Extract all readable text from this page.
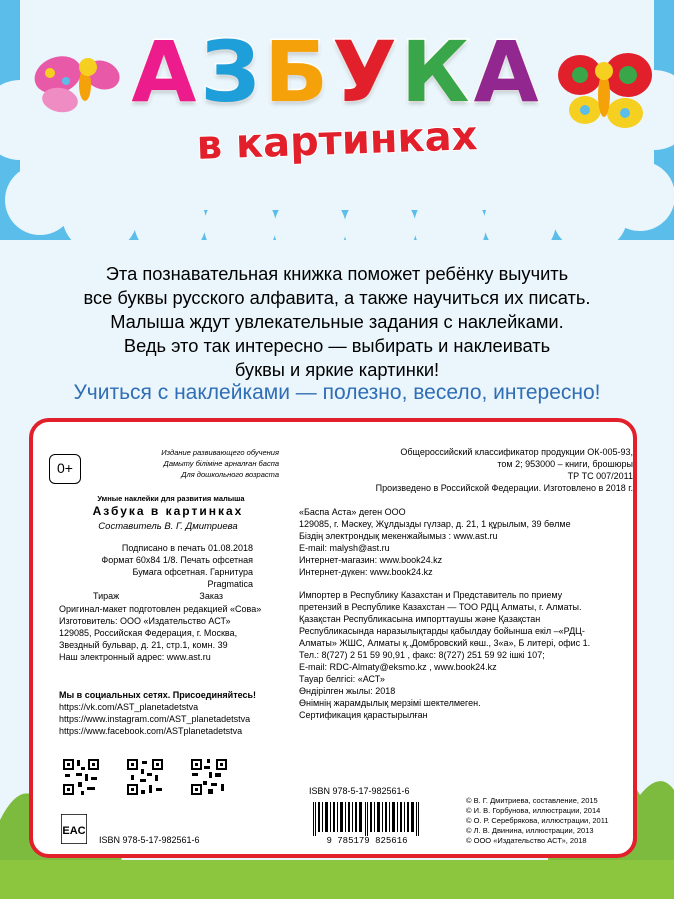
АЗБУКА
в картинках
Эта познавательная книжка поможет ребёнку выучить
все буквы русского алфавита, а также научиться их писать.
Малыша ждут увлекательные задания с наклейками.
Ведь это так интересно — выбирать и наклеивать
буквы и яркие картинки!
Учиться с наклейками — полезно, весело, интересно!
0+
Издание развивающего обучения
Дамыту біліміне арналған баспа
Для дошкольного возраста
Умные наклейки для развития малыша
Азбука в картинках
Составитель В. Г. Дмитриева
Подписано в печать 01.08.2018
Формат 60x84 1/8. Печать офсетная
Бумага офсетная. Гарнитура Pragmatica
Тираж	Заказ
Оригинал-макет подготовлен редакцией «Сова»
Изготовитель: ООО «Издательство АСТ»
129085, Российская Федерация, г. Москва,
Звездный бульвар, д. 21, стр.1, комн. 39
Наш электронный адрес: www.ast.ru
Мы в социальных сетях. Присоединяйтесь!
https://vk.com/AST_planetadetstva
https://www.instagram.com/AST_planetadetstva
https://www.facebook.com/ASTplanetadetstva
EAC
ISBN 978-5-17-982561-6
Общероссийский классификатор продукции ОК-005-93,
том 2; 953000 – книги, брошюры
ТР ТС 007/2011
Произведено в Российской Федерации. Изготовлено в 2018 г.
«Баспа Аста» деген ООО
129085, г. Мәскеу, Жұлдызды гүлзар, д. 21, 1 құрылым, 39 бөлме
Біздің электрондық мекенжайымыз : www.ast.ru
E-mail: malysh@ast.ru
Интернет-магазин: www.book24.kz
Интернет-дүкен: www.book24.kz
Импортер в Республику Казахстан и Представитель по приему
претензий в Республике Казахстан — ТОО РДЦ Алматы, г. Алматы.
Қазақстан Республикасына импорттаушы және Қазақстан
Республикасында наразылықтарды қабылдау бойынша екіл –«РДЦ-
Алматы» ЖШС, Алматы қ.,Домбровский көш., 3«а», Б литері, офис 1.
Тел.: 8(727) 2 51 59 90,91 , факс: 8(727) 251 59 92 ішкі 107;
E-mail: RDC-Almaty@eksmo.kz , www.book24.kz
Тауар белгісі: «АСТ»
Өндірілген жылы: 2018
Өнімнің жарамдылық мерзімі шектелмеген.
Сертификация қарастырылған
ISBN 978-5-17-982561-6
9 785179 825616
© В. Г. Дмитриева, составление, 2015
© И. В. Горбунова, иллюстрации, 2014
© О. Р. Серебрякова, иллюстрации, 2011
© Л. В. Двинина, иллюстрации, 2013
© ООО «Издательство АСТ», 2018
